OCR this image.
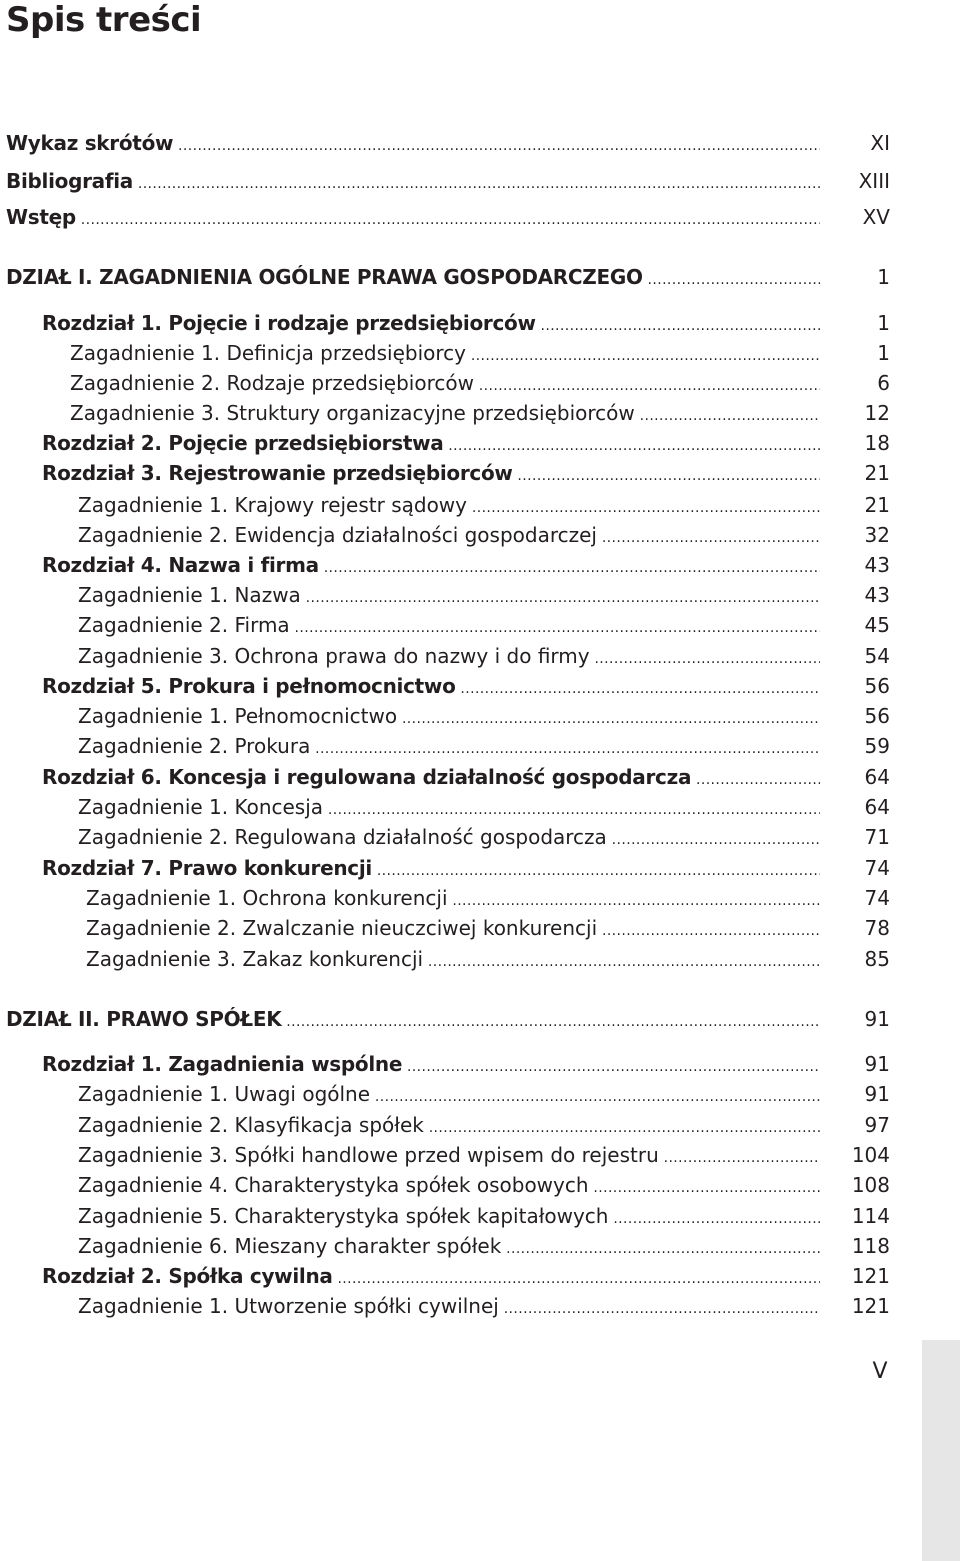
Spis treści
Wykaz skrótów .....	XI
Bibliografia .....	XIII
Wstęp .....	XV
DZIAŁ I. ZAGADNIENIA OGÓLNE PRAWA GOSPODARCZEGO .....	1
Rozdział 1. Pojęcie i rodzaje przedsiębiorców .....	1
Zagadnienie 1. Definicja przedsiębiorcy .....	1
Zagadnienie 2. Rodzaje przedsiębiorców .....	6
Zagadnienie 3. Struktury organizacyjne przedsiębiorców .....	12
Rozdział 2. Pojęcie przedsiębiorstwa .....	18
Rozdział 3. Rejestrowanie przedsiębiorców .....	21
Zagadnienie 1. Krajowy rejestr sądowy .....	21
Zagadnienie 2. Ewidencja działalności gospodarczej .....	32
Rozdział 4. Nazwa i firma .....	43
Zagadnienie 1. Nazwa .....	43
Zagadnienie 2. Firma .....	45
Zagadnienie 3. Ochrona prawa do nazwy i do firmy .....	54
Rozdział 5. Prokura i pełnomocnictwo .....	56
Zagadnienie 1. Pełnomocnictwo .....	56
Zagadnienie 2. Prokura .....	59
Rozdział 6. Koncesja i regulowana działalność gospodarcza .....	64
Zagadnienie 1. Koncesja .....	64
Zagadnienie 2. Regulowana działalność gospodarcza .....	71
Rozdział 7. Prawo konkurencji .....	74
Zagadnienie 1. Ochrona konkurencji .....	74
Zagadnienie 2. Zwalczanie nieuczciwej konkurencji .....	78
Zagadnienie 3. Zakaz konkurencji .....	85
DZIAŁ II. PRAWO SPÓŁEK .....	91
Rozdział 1. Zagadnienia wspólne .....	91
Zagadnienie 1. Uwagi ogólne .....	91
Zagadnienie 2. Klasyfikacja spółek .....	97
Zagadnienie 3. Spółki handlowe przed wpisem do rejestru .....	104
Zagadnienie 4. Charakterystyka spółek osobowych .....	108
Zagadnienie 5. Charakterystyka spółek kapitałowych .....	114
Zagadnienie 6. Mieszany charakter spółek .....	118
Rozdział 2. Spółka cywilna .....	121
Zagadnienie 1. Utworzenie spółki cywilnej .....	121
V
